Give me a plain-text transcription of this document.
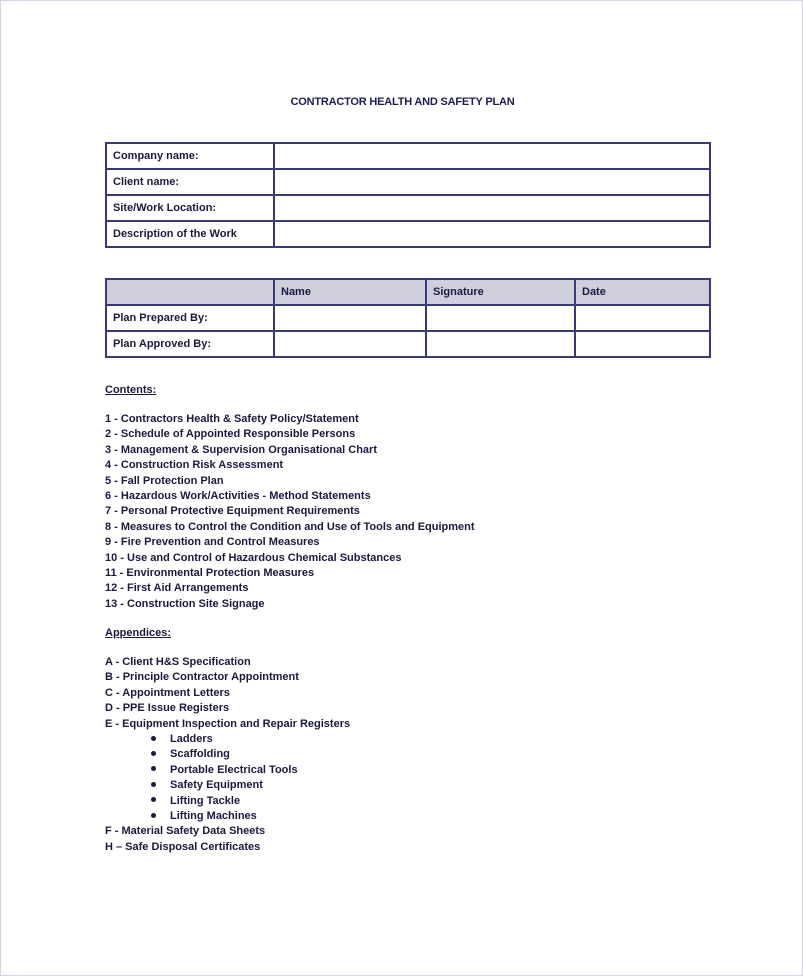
CONTRACTOR HEALTH AND SAFETY PLAN
Company name:	
Client name:	
Site/Work Location:	
Description of the Work	
	Name	Signature	Date
Plan Prepared By:			
Plan Approved By:			
Contents:
1 - Contractors Health & Safety Policy/Statement
2 - Schedule of Appointed Responsible Persons
3 - Management & Supervision Organisational Chart
4 - Construction Risk Assessment
5 - Fall Protection Plan
6 - Hazardous Work/Activities - Method Statements
7 - Personal Protective Equipment Requirements
8 - Measures to Control the Condition and Use of Tools and Equipment
9 - Fire Prevention and Control Measures
10 - Use and Control of Hazardous Chemical Substances
11 - Environmental Protection Measures
12 - First Aid Arrangements
13 - Construction Site Signage
Appendices:
A - Client H&S Specification
B - Principle Contractor Appointment
C - Appointment Letters
D - PPE Issue Registers
E - Equipment Inspection and Repair Registers
Ladders
Scaffolding
Portable Electrical Tools
Safety Equipment
Lifting Tackle
Lifting Machines
F - Material Safety Data Sheets
H – Safe Disposal Certificates
